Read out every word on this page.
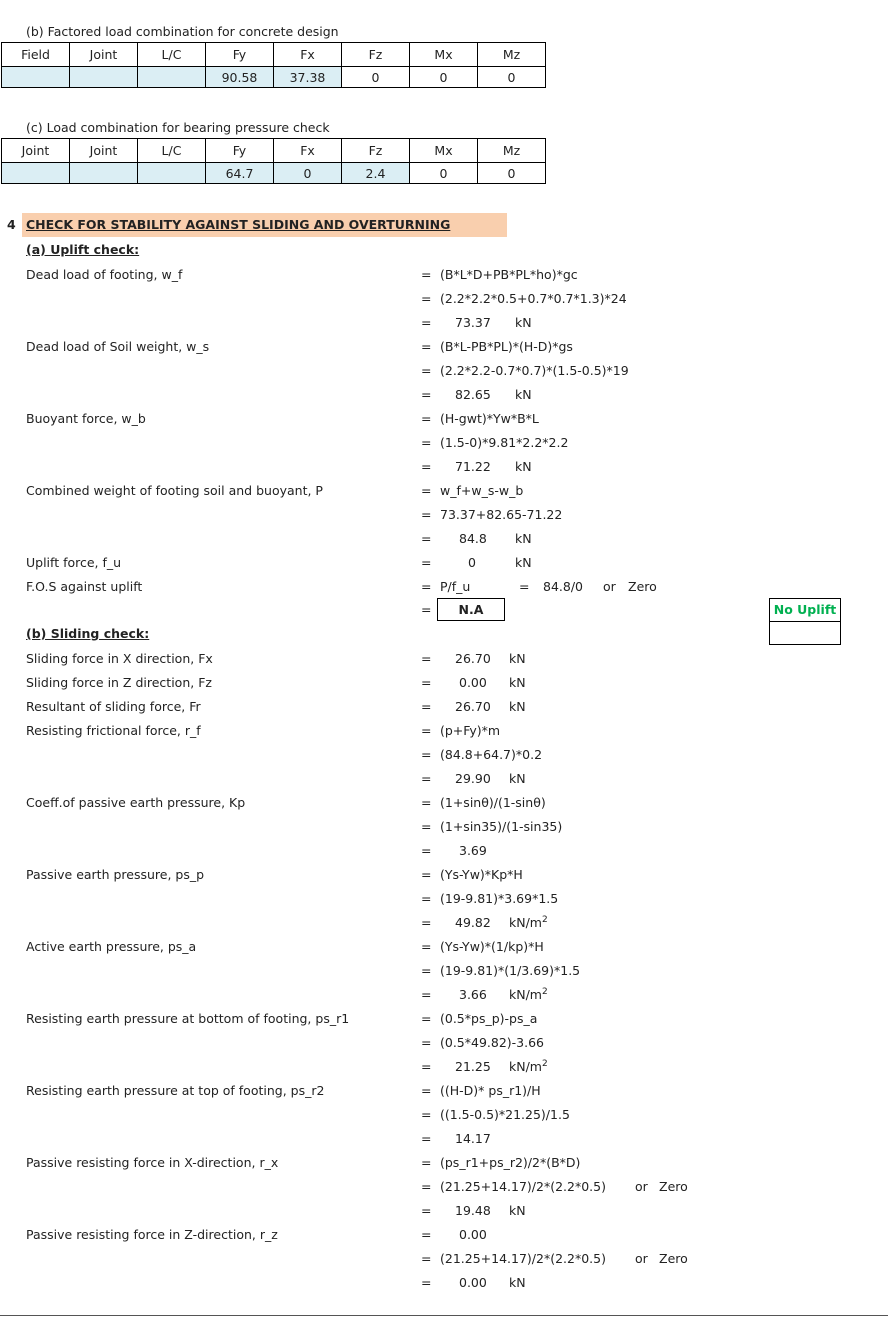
(b) Factored load combination for concrete design
Field	Joint	L/C	Fy	Fx	Fz	Mx	Mz
			90.58	37.38	0	0	0
(c) Load combination for bearing pressure check
Joint	Joint	L/C	Fy	Fx	Fz	Mx	Mz
			64.7	0	2.4	0	0
4 CHECK FOR STABILITY AGAINST SLIDING AND OVERTURNING
(a) Uplift check:
Dead load of footing, w_f	= (B*L*D+PB*PL*ho)*gc
= (2.2*2.2*0.5+0.7*0.7*1.3)*24
= 73.37 kN
Dead load of Soil weight, w_s	= (B*L-PB*PL)*(H-D)*gs
= (2.2*2.2-0.7*0.7)*(1.5-0.5)*19
= 82.65 kN
Buoyant force, w_b	= (H-gwt)*Yw*B*L
= (1.5-0)*9.81*2.2*2.2
= 71.22 kN
Combined weight of footing soil and buoyant, P	= w_f+w_s-w_b
= 73.37+82.65-71.22
= 84.8 kN
Uplift force, f_u	=	0	kN
F.O.S against uplift	= P/f_u	= 84.8/0 or Zero
=	N.A	No Uplift
(b) Sliding check:
Sliding force in X direction, Fx	= 26.70 kN
Sliding force in Z direction, Fz	= 0.00 kN
Resultant of sliding force, Fr	= 26.70 kN
Resisting frictional force, r_f	= (p+Fy)*m
= (84.8+64.7)*0.2
= 29.90 kN
Coeff.of passive earth pressure, Kp	= (1+sinθ)/(1-sinθ)
= (1+sin35)/(1-sin35)
= 3.69
Passive earth pressure, ps_p	= (Ys-Yw)*Kp*H
= (19-9.81)*3.69*1.5
= 49.82 $kN/m^2$
Active earth pressure, ps_a	= (Ys-Yw)*(1/kp)*H
= (19-9.81)*(1/3.69)*1.5
= 3.66 $kN/m^2$
Resisting earth pressure at bottom of footing, ps_r1	= (0.5*ps_p)-ps_a
= (0.5*49.82)-3.66
= 21.25 $kN/m^2$
Resisting earth pressure at top of footing, ps_r2	= ((H-D)* ps_r1)/H
= ((1.5-0.5)*21.25)/1.5
= 14.17
Passive resisting force in X-direction, r_x	= (ps_r1+ps_r2)/2*(B*D)
= (21.25+14.17)/2*(2.2*0.5) or Zero
= 19.48 kN
Passive resisting force in Z-direction, r_z	= 0.00
= (21.25+14.17)/2*(2.2*0.5) or Zero
= 0.00 kN
